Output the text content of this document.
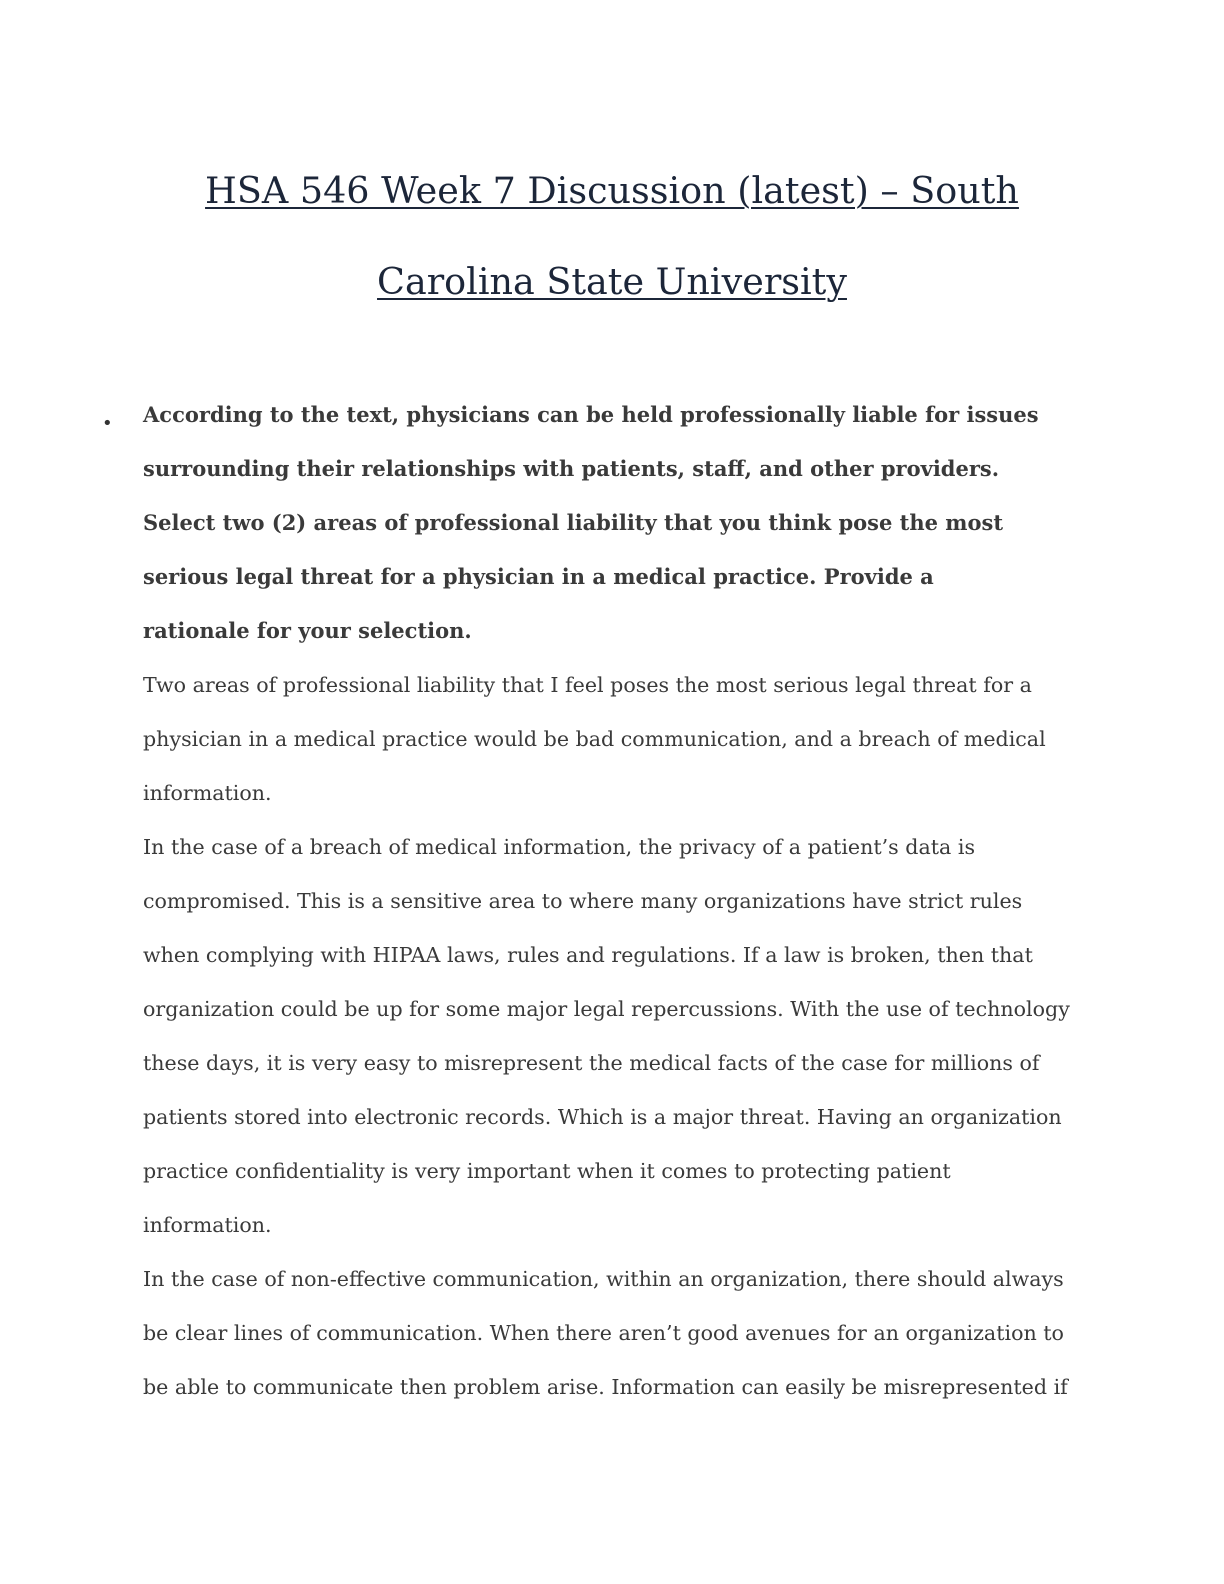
HSA 546 Week 7 Discussion (latest) – South
Carolina State University
• According to the text, physicians can be held professionally liable for issues
surrounding their relationships with patients, staff, and other providers.
Select two (2) areas of professional liability that you think pose the most
serious legal threat for a physician in a medical practice. Provide a
rationale for your selection.

Two areas of professional liability that I feel poses the most serious legal threat for a
physician in a medical practice would be bad communication, and a breach of medical
information.

In the case of a breach of medical information, the privacy of a patient’s data is
compromised. This is a sensitive area to where many organizations have strict rules
when complying with HIPAA laws, rules and regulations. If a law is broken, then that
organization could be up for some major legal repercussions. With the use of technology
these days, it is very easy to misrepresent the medical facts of the case for millions of
patients stored into electronic records. Which is a major threat. Having an organization
practice confidentiality is very important when it comes to protecting patient
information.

In the case of non-effective communication, within an organization, there should always
be clear lines of communication. When there aren’t good avenues for an organization to
be able to communicate then problem arise. Information can easily be misrepresented if
